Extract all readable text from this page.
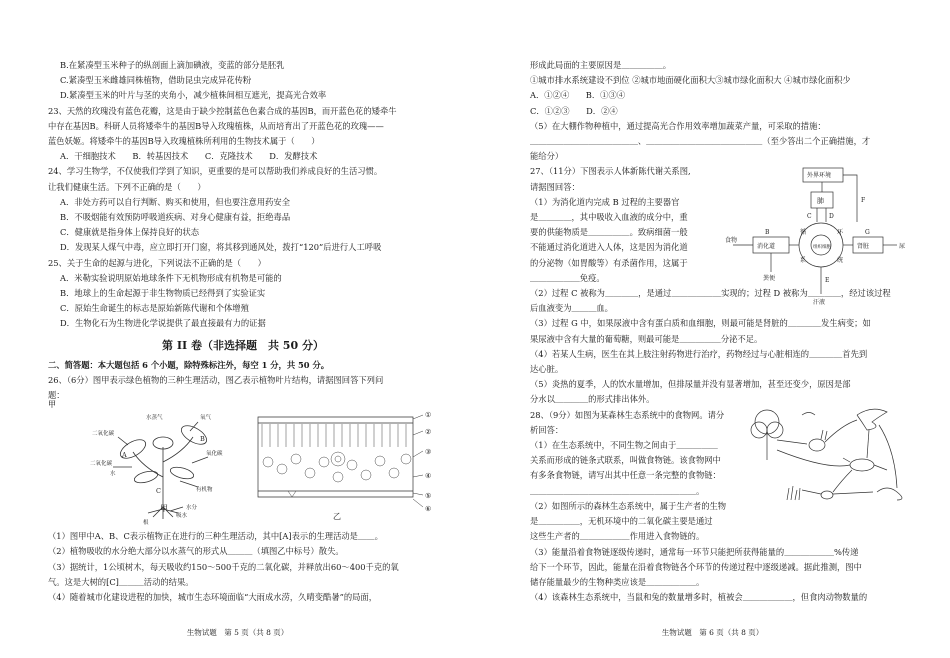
B.在紧凑型玉米种子的纵剖面上滴加碘液，变蓝的部分是胚乳
C.紧凑型玉米雌雄同株植物，借助昆虫完成异花传粉
D.紧凑型玉米的叶片与茎的夹角小，减少植株间相互遮光，提高光合效率
23、天然的玫瑰没有蓝色花瓣，这是由于缺少控制蓝色色素合成的基因B，而开蓝色花的矮牵牛
中存在基因B。科研人员将矮牵牛的基因B导入玫瑰植株，从而培育出了开蓝色花的玫瑰——
蓝色妖姬。将矮牵牛的基因B导入玫瑰植株所利用的生物技术属于（　　）
A．干细胞技术　　B．转基因技术　　C．克隆技术　　D．发酵技术
24、学习生物学，不仅使我们学到了知识，更重要的是可以帮助我们养成良好的生活习惯。
让我们健康生活。下列不正确的是（　　）
A．非处方药可以自行判断、购买和使用，但也要注意用药安全
B．不吸烟能有效预防呼吸道疾病、对身心健康有益，拒绝毒品
C．健康就是指身体上保持良好的状态
D．发现某人煤气中毒，应立即打开门窗，将其移到通风处，拨打“120”后进行人工呼吸
25、关于生命的起源与进化，下列说法不正确的是（　　）
A．米勒实验说明原始地球条件下无机物形成有机物是可能的
B．地球上的生命起源于非生物物质已经得到了实验证实
C．原始生命诞生的标志是原始新陈代谢和个体增殖
D．生物化石为生物进化学说提供了最直接最有力的证据
第 II 卷（非选择题　共 50 分）
二、简答题：本大题包括 6 个小题，除特殊标注外，每空 1 分，共 50 分。
26、（6分）图甲表示绿色植物的三种生理活动，图乙表示植物叶片结构，请据图回答下列问
题：
水蒸气	氧气
二氧化碳
氧化碳
二氧化碳
水
有机物
根
吸水
水分
A
B
C
①
②
③
④
⑤
⑥
乙
甲
（1）图甲中A、B、C表示植物正在进行的三种生理活动，其中[A]表示的生理活动是＿＿。
（2）植物吸收的水分绝大部分以水蒸气的形式从＿＿＿（填图乙中标号）散失。
（3）据统计，1公顷树木，每天吸收约150～500千克的二氧化碳，并释放出60～400千克的氧
气。这是大树的[C]＿＿＿活动的结果。
（4）随着城市化建设进程的加快，城市生态环境面临“大雨成水涝，久晴变酷暑”的局面，
生物试题　第 5 页（共 8 页）
甲
形成此局面的主要原因是＿＿＿＿＿。
①城市排水系统建设不到位 ②城市地面硬化面积大③城市绿化面积大 ④城市绿化面积少
A．①②④　　B．①③④
C．①②③　　D．②④
（5）在大棚作物种植中，通过提高光合作用效率增加蔬菜产量，可采取的措施：
＿＿＿＿＿＿＿＿＿＿＿＿＿、＿＿＿＿＿＿＿＿＿＿＿＿＿＿（至少答出二个正确措施，才
能给分）
27、（11分）下图表示人体新陈代谢关系图,
请据图回答：
（1）为消化道内完成 B 过程的主要器官
是＿＿＿＿，其中吸收入血液的成分中，重
要的供能物质是＿＿＿＿＿。致病细菌一般
不能通过消化道进入人体，这是因为消化道
的分泌物（如胃酸等）有杀菌作用，这属于
＿＿＿＿＿＿免疫。
（2）过程 C 被称为＿＿＿＿，是通过＿＿＿＿＿＿实现的；过程 D 被称为＿＿＿＿，经过该过程
后血液变为＿＿＿血。
（3）过程 G 中，如果尿液中含有蛋白质和血细胞，则最可能是肾脏的＿＿＿＿发生病变；如
果尿液中含有大量的葡萄糖，则最可能是＿＿＿＿＿分泌不足。
（4）若某人生病，医生在其上肢注射药物进行治疗，药物经过与心脏相连的＿＿＿＿首先到
达心脏。
（5）炎热的夏季，人的饮水量增加，但排尿量并没有显著增加，甚至还变少，原因是部
分水以＿＿＿＿的形式排出体外。
28、（9分）如图为某森林生态系统中的食物网。请分
析回答：
（1）在生态系统中，不同生物之间由于＿＿＿＿＿
关系而形成的链条式联系，叫做食物链。该食物网中
有多条食物链，请写出其中任意一条完整的食物链：
＿＿＿＿＿＿＿＿＿＿＿＿＿＿＿＿＿＿＿＿。
（2）如图所示的森林生态系统中，属于生产者的生物
是＿＿＿＿＿，无机环境中的二氧化碳主要是通过
这些生产者的＿＿＿＿＿＿作用进入食物链的。
（3）能量沿着食物链逐级传递时，通常每一环节只能把所获得能量的＿＿＿＿＿＿%传递
给下一个环节，因此，能量在沿着食物链各个环节的传递过程中逐级递减。据此推测，图中
储存能量最少的生物种类应该是＿＿＿＿＿＿。
（4）该森林生态系统中，当鼠和兔的数量增多时，植被会＿＿＿＿＿＿，但食肉动物数量的
外界环境
肺
C	D
F
食物
B
消化道
循	环
系	统
组织细胞
G
肾脏	尿
E
粪便
汗液
生物试题　第 6 页（共 8 页）
